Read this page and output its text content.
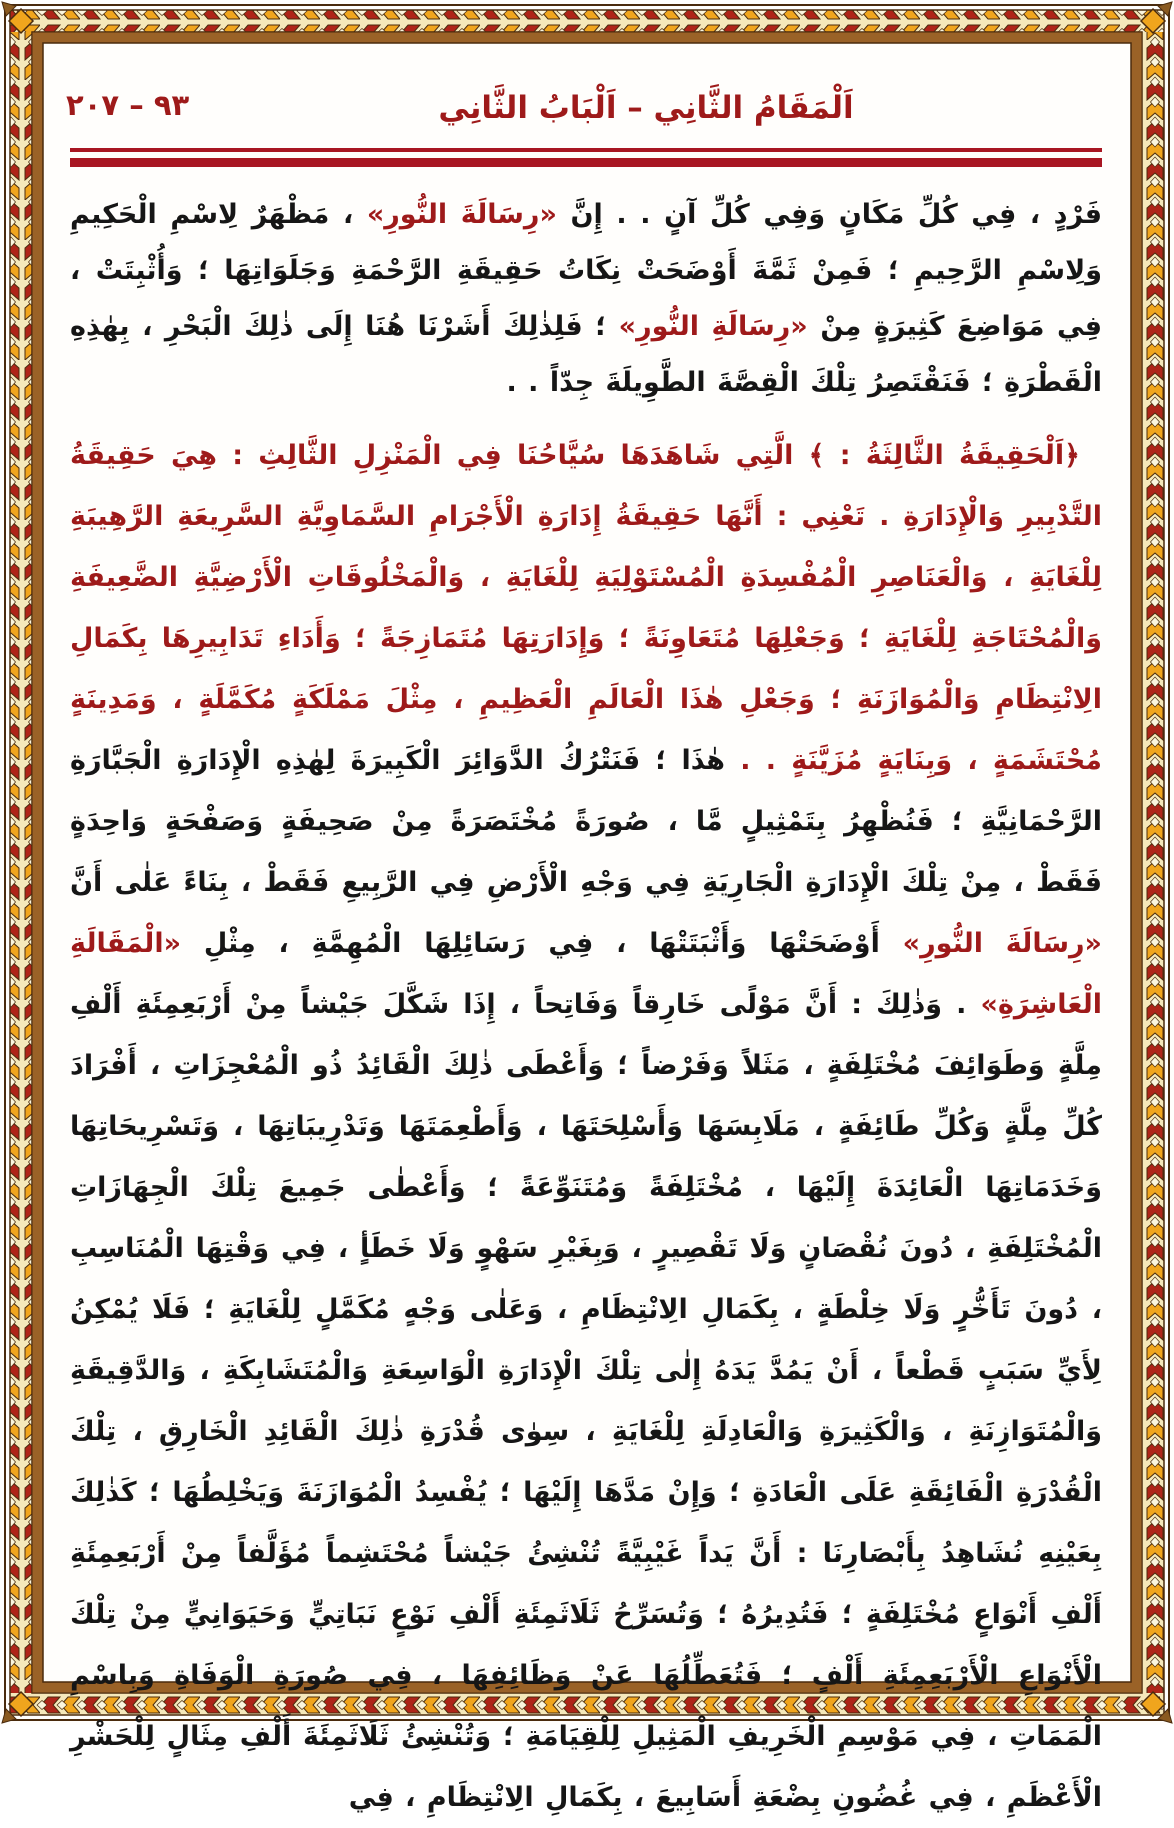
٩٣ – ٢٠٧	اَلْمَقَامُ الثَّانِي – اَلْبَابُ الثَّانِي

فَرْدٍ ، فِي كُلِّ مَكَانٍ وَفِي كُلِّ آنٍ . . إِنَّ «رِسَالَةَ النُّورِ» ، مَظْهَرٌ لِاسْمِ الْحَكِيمِ وَلِاسْمِ الرَّحِيمِ ؛ فَمِنْ ثَمَّةَ أَوْضَحَتْ نِكَاتُ حَقِيقَةِ الرَّحْمَةِ وَجَلَوَاتِهَا ؛ وَأُثْبِتَتْ ، فِي مَوَاضِعَ كَثِيرَةٍ مِنْ «رِسَالَةِ النُّورِ» ؛ فَلِذٰلِكَ أَشَرْنَا هُنَا إِلَى ذٰلِكَ الْبَحْرِ ، بِهٰذِهِ الْقَطْرَةِ ؛ فَنَقْتَصِرُ تِلْكَ الْقِصَّةَ الطَّوِيلَةَ جِدّاً . .

﴿اَلْحَقِيقَةُ الثَّالِثَةُ : ﴾ الَّتِي شَاهَدَهَا سُيَّاحُنَا فِي الْمَنْزِلِ الثَّالِثِ : هِيَ حَقِيقَةُ التَّدْبِيرِ وَالْإِدَارَةِ . تَعْنِي : أَنَّهَا حَقِيقَةُ إِدَارَةِ الْأَجْرَامِ السَّمَاوِيَّةِ السَّرِيعَةِ الرَّهِيبَةِ لِلْغَايَةِ ، وَالْعَنَاصِرِ الْمُفْسِدَةِ الْمُسْتَوْلِيَةِ لِلْغَايَةِ ، وَالْمَخْلُوقَاتِ الْأَرْضِيَّةِ الضَّعِيفَةِ وَالْمُحْتَاجَةِ لِلْغَايَةِ ؛ وَجَعْلِهَا مُتَعَاوِنَةً ؛ وَإِدَارَتِهَا مُتَمَازِجَةً ؛ وَأَدَاءِ تَدَابِيرِهَا بِكَمَالِ الِانْتِظَامِ وَالْمُوَازَنَةِ ؛ وَجَعْلِ هٰذَا الْعَالَمِ الْعَظِيمِ ، مِثْلَ مَمْلَكَةٍ مُكَمَّلَةٍ ، وَمَدِينَةٍ مُحْتَشَمَةٍ ، وَبِنَايَةٍ مُزَيَّنَةٍ . . هٰذَا ؛ فَنَتْرُكُ الدَّوَائِرَ الْكَبِيرَةَ لِهٰذِهِ الْإِدَارَةِ الْجَبَّارَةِ الرَّحْمَانِيَّةِ ؛ فَنُظْهِرُ بِتَمْثِيلٍ مَّا ، صُورَةً مُخْتَصَرَةً مِنْ صَحِيفَةٍ وَصَفْحَةٍ وَاحِدَةٍ فَقَطْ ، مِنْ تِلْكَ الْإِدَارَةِ الْجَارِيَةِ فِي وَجْهِ الْأَرْضِ فِي الرَّبِيعِ فَقَطْ ، بِنَاءً عَلٰى أَنَّ «رِسَالَةَ النُّورِ» أَوْضَحَتْهَا وَأَثْبَتَتْهَا ، فِي رَسَائِلِهَا الْمُهِمَّةِ ، مِثْلِ «الْمَقَالَةِ الْعَاشِرَةِ» . وَذٰلِكَ : أَنَّ مَوْلًى خَارِقاً وَفَاتِحاً ، إِذَا شَكَّلَ جَيْشاً مِنْ أَرْبَعِمِئَةِ أَلْفِ مِلَّةٍ وَطَوَائِفَ مُخْتَلِفَةٍ ، مَثَلاً وَفَرْضاً ؛ وَأَعْطَى ذٰلِكَ الْقَائِدُ ذُو الْمُعْجِزَاتِ ، أَفْرَادَ كُلِّ مِلَّةٍ وَكُلِّ طَائِفَةٍ ، مَلَابِسَهَا وَأَسْلِحَتَهَا ، وَأَطْعِمَتَهَا وَتَدْرِيبَاتِهَا ، وَتَسْرِيحَاتِهَا وَخَدَمَاتِهَا الْعَائِدَةَ إِلَيْهَا ، مُخْتَلِفَةً وَمُتَنَوِّعَةً ؛ وَأَعْطٰى جَمِيعَ تِلْكَ الْجِهَازَاتِ الْمُخْتَلِفَةِ ، دُونَ نُقْصَانٍ وَلَا تَقْصِيرٍ ، وَبِغَيْرِ سَهْوٍ وَلَا خَطَأٍ ، فِي وَقْتِهَا الْمُنَاسِبِ ، دُونَ تَأَخُّرٍ وَلَا خِلْطَةٍ ، بِكَمَالِ الِانْتِظَامِ ، وَعَلٰى وَجْهٍ مُكَمَّلٍ لِلْغَايَةِ ؛ فَلَا يُمْكِنُ لِأَيِّ سَبَبٍ قَطْعاً ، أَنْ يَمُدَّ يَدَهُ إِلٰى تِلْكَ الْإِدَارَةِ الْوَاسِعَةِ وَالْمُتَشَابِكَةِ ، وَالدَّقِيقَةِ وَالْمُتَوَازِنَةِ ، وَالْكَثِيرَةِ وَالْعَادِلَةِ لِلْغَايَةِ ، سِوٰى قُدْرَةِ ذٰلِكَ الْقَائِدِ الْخَارِقِ ، تِلْكَ الْقُدْرَةِ الْفَائِقَةِ عَلَى الْعَادَةِ ؛ وَإِنْ مَدَّهَا إِلَيْهَا ؛ يُفْسِدُ الْمُوَازَنَةَ وَيَخْلِطُهَا ؛ كَذٰلِكَ بِعَيْنِهِ نُشَاهِدُ بِأَبْصَارِنَا : أَنَّ يَداً غَيْبِيَّةً تُنْشِئُ جَيْشاً مُحْتَشِماً مُؤَلَّفاً مِنْ أَرْبَعِمِئَةِ أَلْفِ أَنْوَاعٍ مُخْتَلِفَةٍ ؛ فَتُدِيرُهُ ؛ وَتُسَرِّحُ ثَلَاثَمِئَةِ أَلْفِ نَوْعٍ نَبَاتِيٍّ وَحَيَوَانِيٍّ مِنْ تِلْكَ الْأَنْوَاعِ الْأَرْبَعِمِئَةِ أَلْفٍ ؛ فَتُعَطِّلُهَا عَنْ وَظَائِفِهَا ، فِي صُورَةِ الْوَفَاةِ وَبِاسْمِ الْمَمَاتِ ، فِي مَوْسِمِ الْخَرِيفِ الْمَثِيلِ لِلْقِيَامَةِ ؛ وَتُنْشِئُ ثَلَاثَمِئَةَ أَلْفِ مِثَالٍ لِلْحَشْرِ الْأَعْظَمِ ، فِي غُضُونِ بِضْعَةِ أَسَابِيعَ ، بِكَمَالِ الِانْتِظَامِ ، فِي
